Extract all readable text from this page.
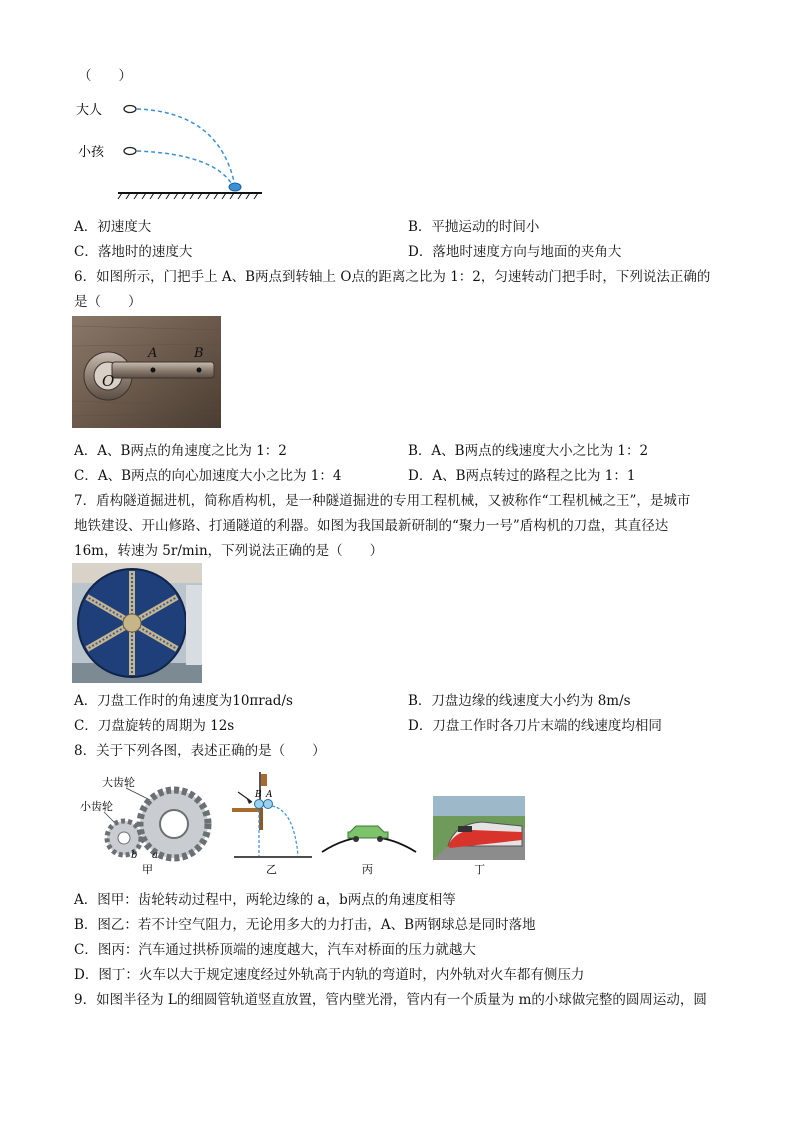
（　　）
大人
小孩
A．初速度大	B．平抛运动的时间小
C．落地时的速度大	D．落地时速度方向与地面的夹角大
6．如图所示，门把手上 A、B两点到转轴上 O点的距离之比为 1：2，匀速转动门把手时，下列说法正确的
是（　　）
A	B
O
A．A、B两点的角速度之比为 1：2	B．A、B两点的线速度大小之比为 1：2
C．A、B两点的向心加速度大小之比为 1：4	D．A、B两点转过的路程之比为 1：1
7．盾构隧道掘进机，简称盾构机，是一种隧道掘进的专用工程机械，又被称作“工程机械之王”，是城市
地铁建设、开山修路、打通隧道的利器。如图为我国最新研制的“聚力一号”盾构机的刀盘，其直径达
16m，转速为 5r/min，下列说法正确的是（　　）
A．刀盘工作时的角速度为10πrad/s	B．刀盘边缘的线速度大小约为 8m/s
C．刀盘旋转的周期为 12s	D．刀盘工作时各刀片末端的线速度均相同
8．关于下列各图，表述正确的是（　　）
大齿轮
小齿轮
b a
甲
B A
乙	丙	丁
A．图甲：齿轮转动过程中，两轮边缘的 a，b两点的角速度相等
B．图乙：若不计空气阻力，无论用多大的力打击，A、B两钢球总是同时落地
C．图丙：汽车通过拱桥顶端的速度越大，汽车对桥面的压力就越大
D．图丁：火车以大于规定速度经过外轨高于内轨的弯道时，内外轨对火车都有侧压力
9．如图半径为 L的细圆管轨道竖直放置，管内壁光滑，管内有一个质量为 m的小球做完整的圆周运动，圆
